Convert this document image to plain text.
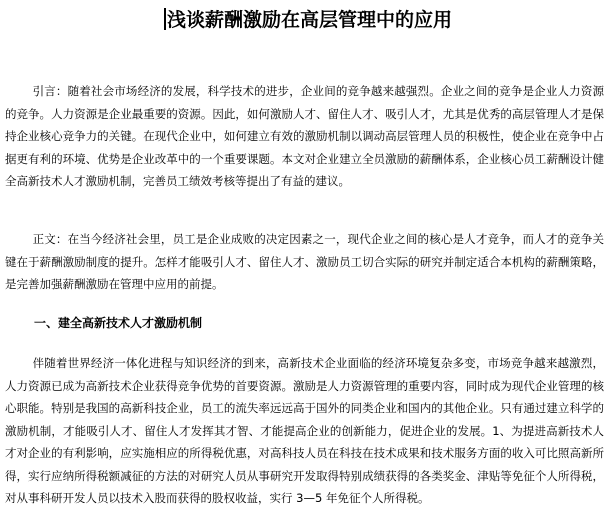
浅谈薪酬激励在高层管理中的应用

引言：随着社会市场经济的发展，科学技术的进步，企业间的竞争越来越强烈。企业之间的竞争是企业人力资源的竞争。人力资源是企业最重要的资源。因此，如何激励人才、留住人才、吸引人才，尤其是优秀的高层管理人才是保持企业核心竞争力的关键。在现代企业中，如何建立有效的激励机制以调动高层管理人员的积极性，使企业在竞争中占据更有利的环境、优势是企业改革中的一个重要课题。本文对企业建立全员激励的薪酬体系，企业核心员工薪酬设计健全高新技术人才激励机制，完善员工绩效考核等提出了有益的建议。

正文：在当今经济社会里，员工是企业成败的决定因素之一，现代企业之间的核心是人才竞争，而人才的竞争关键在于薪酬激励制度的提升。怎样才能吸引人才、留住人才、激励员工切合实际的研究并制定适合本机构的薪酬策略，是完善加强薪酬激励在管理中应用的前提。

一、建全高新技术人才激励机制

伴随着世界经济一体化进程与知识经济的到来，高新技术企业面临的经济环境复杂多变，市场竞争越来越激烈，人力资源已成为高新技术企业获得竞争优势的首要资源。激励是人力资源管理的重要内容，同时成为现代企业管理的核心职能。特别是我国的高新科技企业，员工的流失率远远高于国外的同类企业和国内的其他企业。只有通过建立科学的激励机制，才能吸引人才、留住人才发挥其才智、才能提高企业的创新能力，促进企业的发展。1、为提进高新技术人才对企业的有利影响，应实施相应的所得税优惠，对高科技人员在科技在技术成果和技术服务方面的收入可比照高新所得，实行应纳所得税额减征的方法的对研究人员从事研究开发取得特别成绩获得的各类奖金、津贴等免征个人所得税，对从事科研开发人员以技术入股而获得的股权收益，实行 3—5 年免征个人所得税。
